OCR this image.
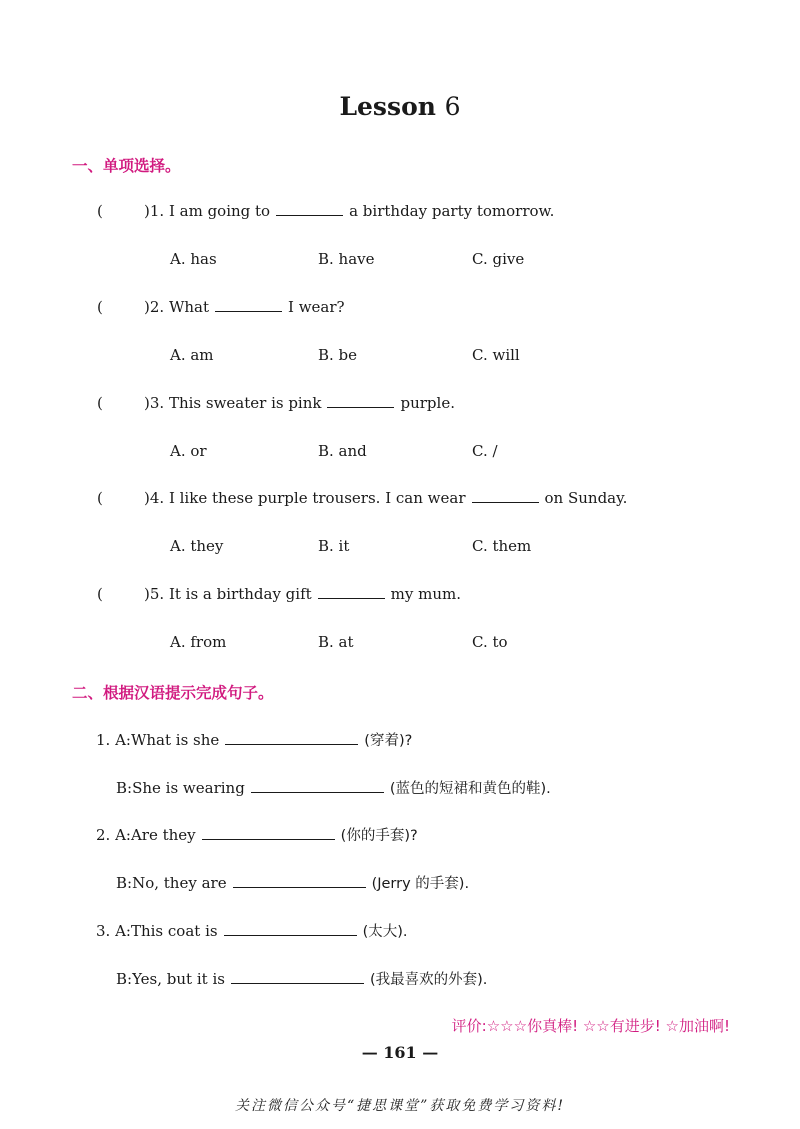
Lesson 6
一、单项选择。
(	)1. I am going to	a birthday party tomorrow.
A. has	B. have	C. give
(	)2. What	I wear?
A. am	B. be	C. will
(	)3. This sweater is pink	purple.
A. or	B. and	C. /
(	)4. I like these purple trousers. I can wear	on Sunday.
A. they	B. it	C. them
(	)5. It is a birthday gift	my mum.
A. from	B. at	C. to
二、根据汉语提示完成句子。
1. A:What is she	(穿着)?
B:She is wearing	(蓝色的短裙和黄色的鞋).
2. A:Are they	(你的手套)?
B:No, they are	(Jerry 的手套).
3. A:This coat is	(太大).
B:Yes, but it is	(我最喜欢的外套).
评价:☆☆☆你真棒! ☆☆有进步! ☆加油啊!
— 161 —
关注微信公众号“捷思课堂”获取免费学习资料!
